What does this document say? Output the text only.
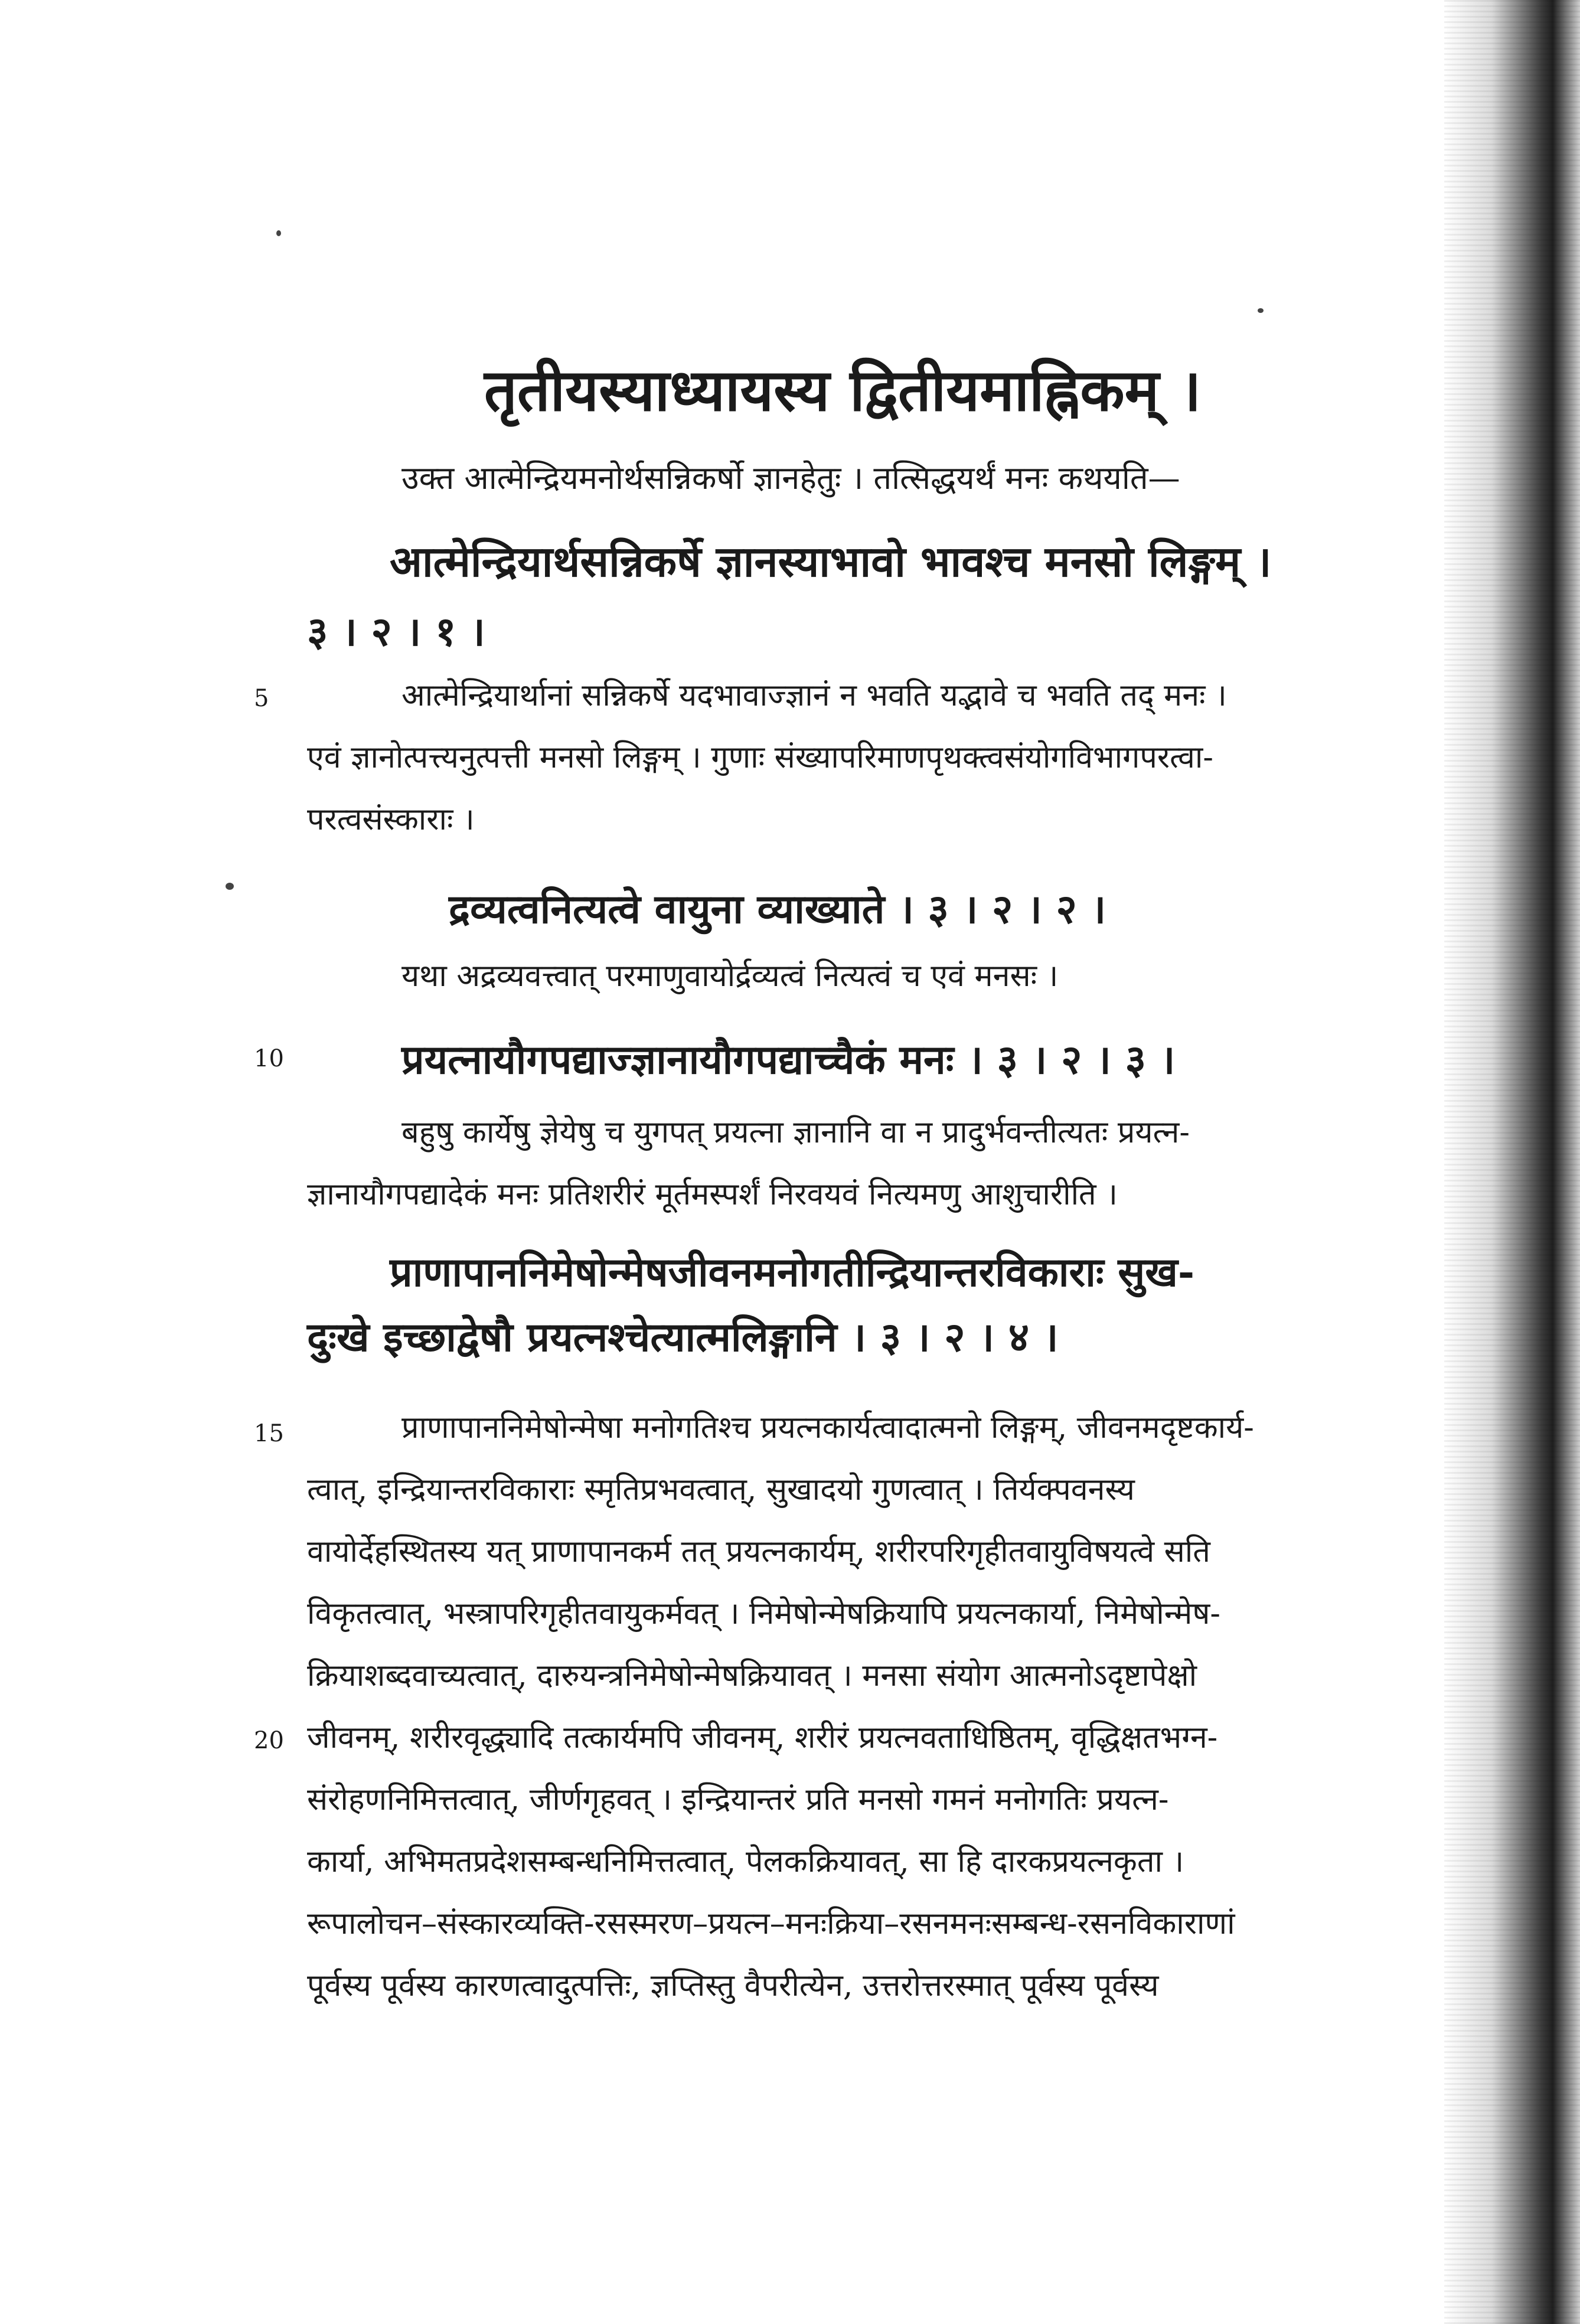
तृतीयस्याध्यायस्य द्वितीयमाह्निकम् ।
उक्त आत्मेन्द्रियमनोर्थसन्निकर्षो ज्ञानहेतुः । तत्सिद्धयर्थं मनः कथयति—
आत्मेन्द्रियार्थसन्निकर्षे ज्ञानस्याभावो भावश्च मनसो लिङ्गम् ।
३ । २ । १ ।
5	आत्मेन्द्रियार्थानां सन्निकर्षे यदभावाज्ज्ञानं न भवति यद्भावे च भवति तद् मनः ।
एवं ज्ञानोत्पत्त्यनुत्पत्ती मनसो लिङ्गम् । गुणाः संख्यापरिमाणपृथक्त्वसंयोगविभागपरत्वा-
परत्वसंस्काराः ।
द्रव्यत्वनित्यत्वे वायुना व्याख्याते । ३ । २ । २ ।
यथा अद्रव्यवत्त्वात् परमाणुवायोर्द्रव्यत्वं नित्यत्वं च एवं मनसः ।
10	प्रयत्नायौगपद्याज्ज्ञानायौगपद्याच्चैकं मनः । ३ । २ । ३ ।
बहुषु कार्येषु ज्ञेयेषु च युगपत् प्रयत्ना ज्ञानानि वा न प्रादुर्भवन्तीत्यतः प्रयत्न-
ज्ञानायौगपद्यादेकं मनः प्रतिशरीरं मूर्तमस्पर्शं निरवयवं नित्यमणु आशुचारीति ।
प्राणापाननिमेषोन्मेषजीवनमनोगतीन्द्रियान्तरविकाराः सुख-
दुःखे इच्छाद्वेषौ प्रयत्नश्चेत्यात्मलिङ्गानि । ३ । २ । ४ ।
15	प्राणापाननिमेषोन्मेषा मनोगतिश्च प्रयत्नकार्यत्वादात्मनो लिङ्गम्, जीवनमदृष्टकार्य-
त्वात्, इन्द्रियान्तरविकाराः स्मृतिप्रभवत्वात्, सुखादयो गुणत्वात् । तिर्यक्पवनस्य
वायोर्देहस्थितस्य यत् प्राणापानकर्म तत् प्रयत्नकार्यम्, शरीरपरिगृहीतवायुविषयत्वे सति
विकृतत्वात्, भस्त्रापरिगृहीतवायुकर्मवत् । निमेषोन्मेषक्रियापि प्रयत्नकार्या, निमेषोन्मेष-
क्रियाशब्दवाच्यत्वात्, दारुयन्त्रनिमेषोन्मेषक्रियावत् । मनसा संयोग आत्मनोऽदृष्टापेक्षो
20 जीवनम्, शरीरवृद्ध्यादि तत्कार्यमपि जीवनम्, शरीरं प्रयत्नवताधिष्ठितम्, वृद्धिक्षतभग्न-
संरोहणनिमित्तत्वात्, जीर्णगृहवत् । इन्द्रियान्तरं प्रति मनसो गमनं मनोगतिः प्रयत्न-
कार्या, अभिमतप्रदेशसम्बन्धनिमित्तत्वात्, पेलकक्रियावत्, सा हि दारकप्रयत्नकृता ।
रूपालोचन–संस्कारव्यक्ति-रसस्मरण–प्रयत्न–मनःक्रिया–रसनमनःसम्बन्ध-रसनविकाराणां
पूर्वस्य पूर्वस्य कारणत्वादुत्पत्तिः, ज्ञप्तिस्तु वैपरीत्येन, उत्तरोत्तरस्मात् पूर्वस्य पूर्वस्य
